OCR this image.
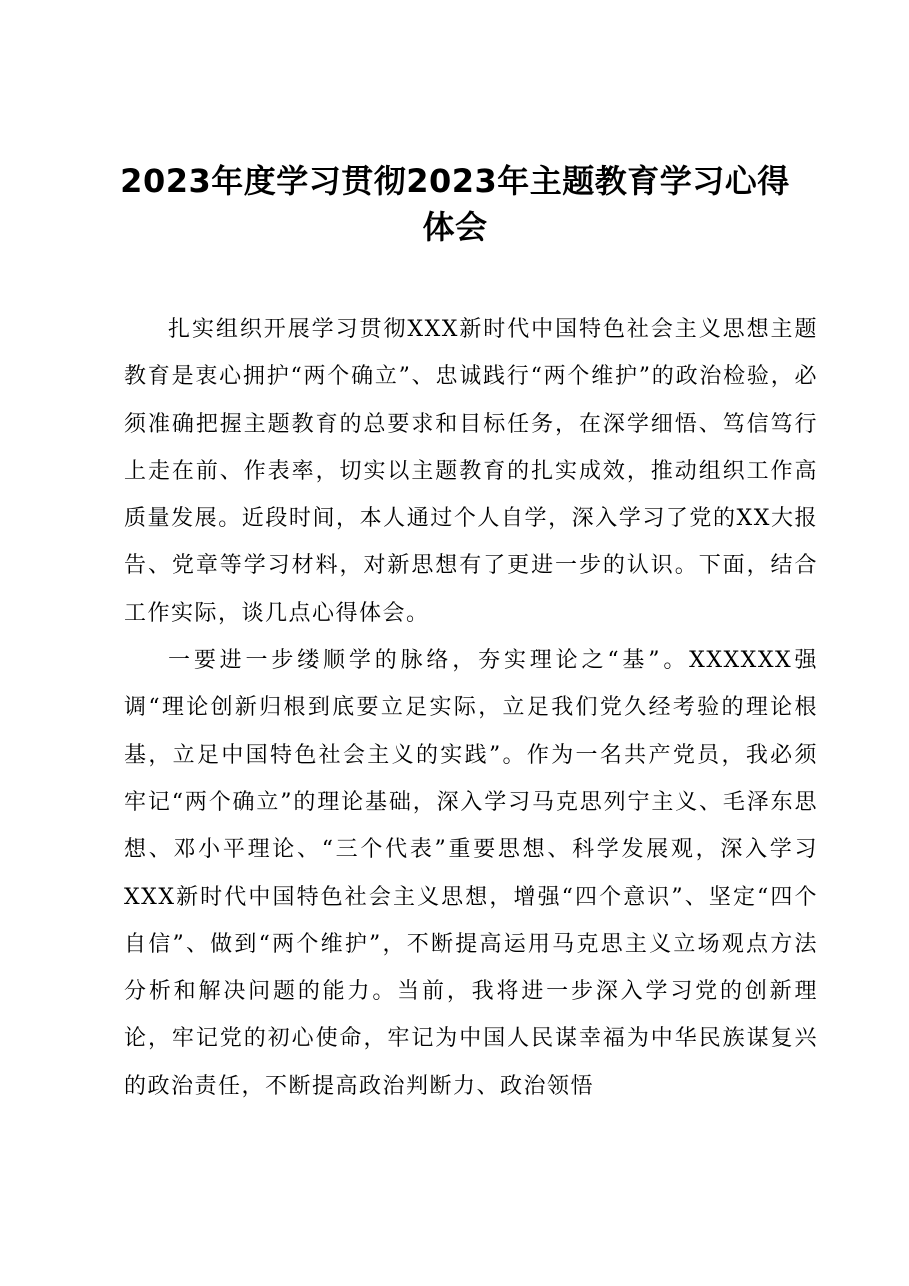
2023年度学习贯彻2023年主题教育学习心得体会

扎实组织开展学习贯彻XXX新时代中国特色社会主义思想主题教育是衷心拥护“两个确立”、忠诚践行“两个维护”的政治检验，必须准确把握主题教育的总要求和目标任务，在深学细悟、笃信笃行上走在前、作表率，切实以主题教育的扎实成效，推动组织工作高质量发展。近段时间，本人通过个人自学，深入学习了党的XX大报告、党章等学习材料，对新思想有了更进一步的认识。下面，结合工作实际，谈几点心得体会。

一要进一步缕顺学的脉络，夯实理论之“基”。XXXXXX强调“理论创新归根到底要立足实际，立足我们党久经考验的理论根基，立足中国特色社会主义的实践”。作为一名共产党员，我必须牢记“两个确立”的理论基础，深入学习马克思列宁主义、毛泽东思想、邓小平理论、“三个代表”重要思想、科学发展观，深入学习XXX新时代中国特色社会主义思想，增强“四个意识”、坚定“四个自信”、做到“两个维护”，不断提高运用马克思主义立场观点方法分析和解决问题的能力。当前，我将进一步深入学习党的创新理论，牢记党的初心使命，牢记为中国人民谋幸福为中华民族谋复兴的政治责任，不断提高政治判断力、政治领悟
